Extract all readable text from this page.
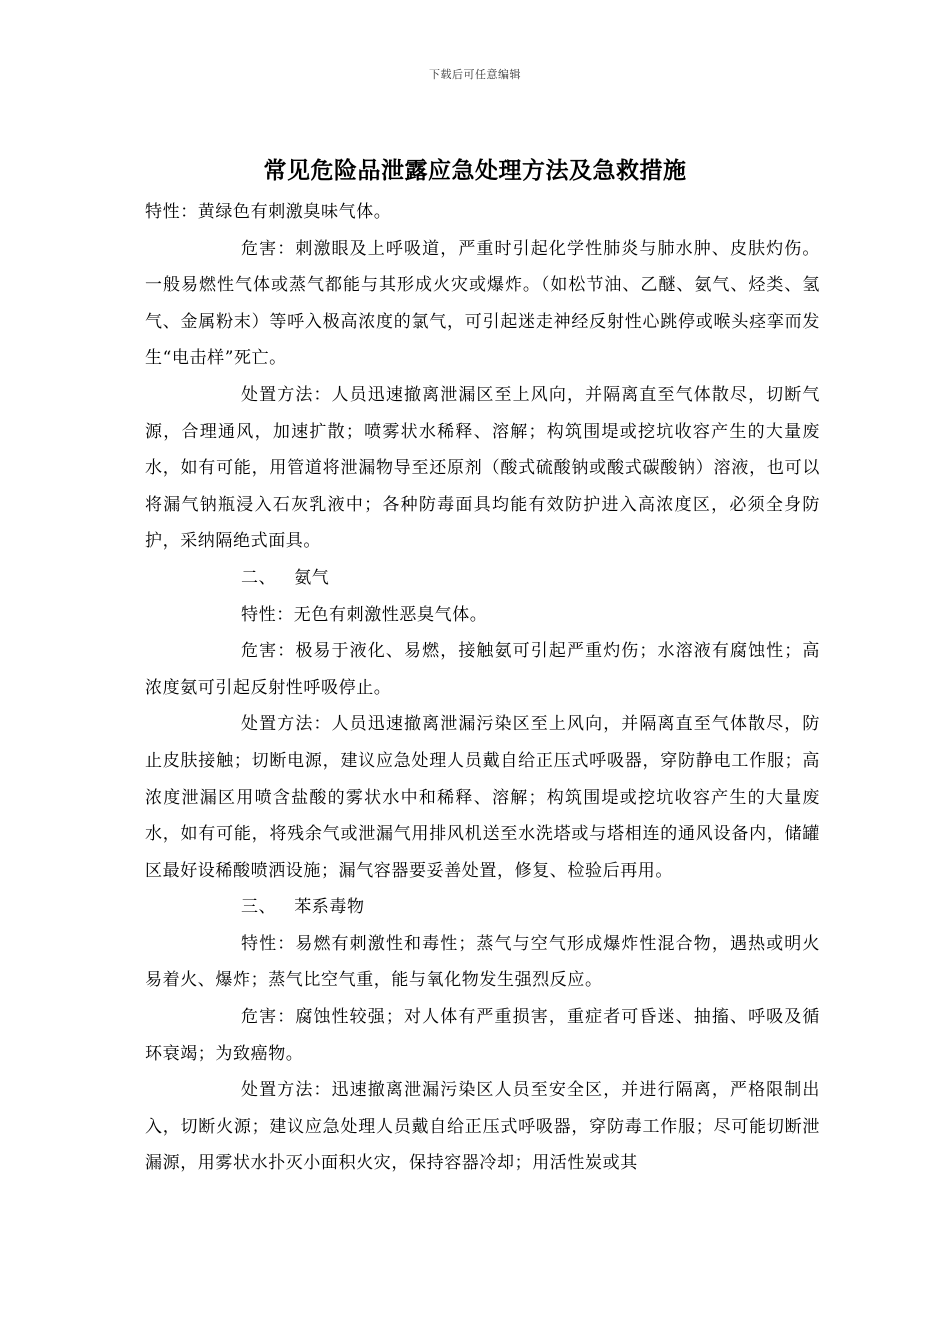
下载后可任意编辑
常见危险品泄露应急处理方法及急救措施

特性：黄绿色有刺激臭味气体。

危害：刺激眼及上呼吸道，严重时引起化学性肺炎与肺水肿、皮肤灼伤。一般易燃性气体或蒸气都能与其形成火灾或爆炸。（如松节油、乙醚、氨气、烃类、氢气、金属粉末）等呼入极高浓度的氯气，可引起迷走神经反射性心跳停或喉头痉挛而发生“电击样”死亡。

处置方法：人员迅速撤离泄漏区至上风向，并隔离直至气体散尽，切断气源，合理通风，加速扩散；喷雾状水稀释、溶解；构筑围堤或挖坑收容产生的大量废水，如有可能，用管道将泄漏物导至还原剂（酸式硫酸钠或酸式碳酸钠）溶液，也可以将漏气钠瓶浸入石灰乳液中；各种防毒面具均能有效防护进入高浓度区，必须全身防护，采纳隔绝式面具。

二、 氨气

特性：无色有刺激性恶臭气体。

危害：极易于液化、易燃，接触氨可引起严重灼伤；水溶液有腐蚀性；高浓度氨可引起反射性呼吸停止。

处置方法：人员迅速撤离泄漏污染区至上风向，并隔离直至气体散尽，防止皮肤接触；切断电源，建议应急处理人员戴自给正压式呼吸器，穿防静电工作服；高浓度泄漏区用喷含盐酸的雾状水中和稀释、溶解；构筑围堤或挖坑收容产生的大量废水，如有可能，将残余气或泄漏气用排风机送至水洗塔或与塔相连的通风设备内，储罐区最好设稀酸喷洒设施；漏气容器要妥善处置，修复、检验后再用。

三、 苯系毒物

特性：易燃有刺激性和毒性；蒸气与空气形成爆炸性混合物，遇热或明火易着火、爆炸；蒸气比空气重，能与氧化物发生强烈反应。

危害：腐蚀性较强；对人体有严重损害，重症者可昏迷、抽搐、呼吸及循环衰竭；为致癌物。

处置方法：迅速撤离泄漏污染区人员至安全区，并进行隔离，严格限制出入，切断火源；建议应急处理人员戴自给正压式呼吸器，穿防毒工作服；尽可能切断泄漏源，用雾状水扑灭小面积火灾，保持容器冷却；用活性炭或其
